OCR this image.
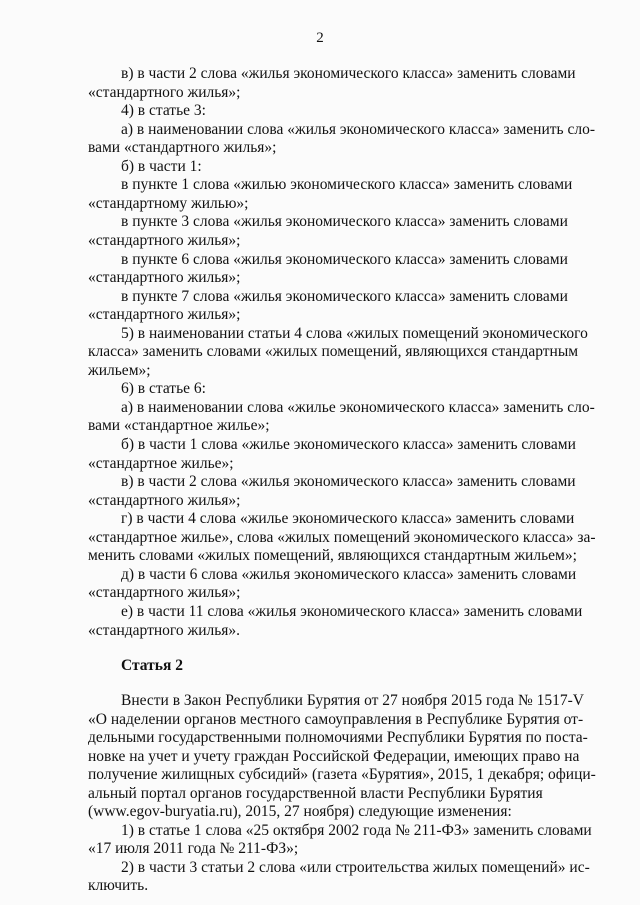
2
в) в части 2 слова «жилья экономического класса» заменить словами
«стандартного жилья»;
4) в статье 3:
а) в наименовании слова «жилья экономического класса» заменить сло-
вами «стандартного жилья»;
б) в части 1:
в пункте 1 слова «жилью экономического класса» заменить словами
«стандартному жилью»;
в пункте 3 слова «жилья экономического класса» заменить словами
«стандартного жилья»;
в пункте 6 слова «жилья экономического класса» заменить словами
«стандартного жилья»;
в пункте 7 слова «жилья экономического класса» заменить словами
«стандартного жилья»;
5) в наименовании статьи 4 слова «жилых помещений экономического
класса» заменить словами «жилых помещений, являющихся стандартным
жильем»;
6) в статье 6:
а) в наименовании слова «жилье экономического класса» заменить сло-
вами «стандартное жилье»;
б) в части 1 слова «жилье экономического класса» заменить словами
«стандартное жилье»;
в) в части 2 слова «жилья экономического класса» заменить словами
«стандартного жилья»;
г) в части 4 слова «жилье экономического класса» заменить словами
«стандартное жилье», слова «жилых помещений экономического класса» за-
менить словами «жилых помещений, являющихся стандартным жильем»;
д) в части 6 слова «жилья экономического класса» заменить словами
«стандартного жилья»;
е) в части 11 слова «жилья экономического класса» заменить словами
«стандартного жилья».
Статья 2
Внести в Закон Республики Бурятия от 27 ноября 2015 года № 1517-V
«О наделении органов местного самоуправления в Республике Бурятия от-
дельными государственными полномочиями Республики Бурятия по поста-
новке на учет и учету граждан Российской Федерации, имеющих право на
получение жилищных субсидий» (газета «Бурятия», 2015, 1 декабря; офици-
альный портал органов государственной власти Республики Бурятия
(www.egov-buryatia.ru), 2015, 27 ноября) следующие изменения:
1) в статье 1 слова «25 октября 2002 года № 211-ФЗ» заменить словами
«17 июля 2011 года № 211-ФЗ»;
2) в части 3 статьи 2 слова «или строительства жилых помещений» ис-
ключить.
